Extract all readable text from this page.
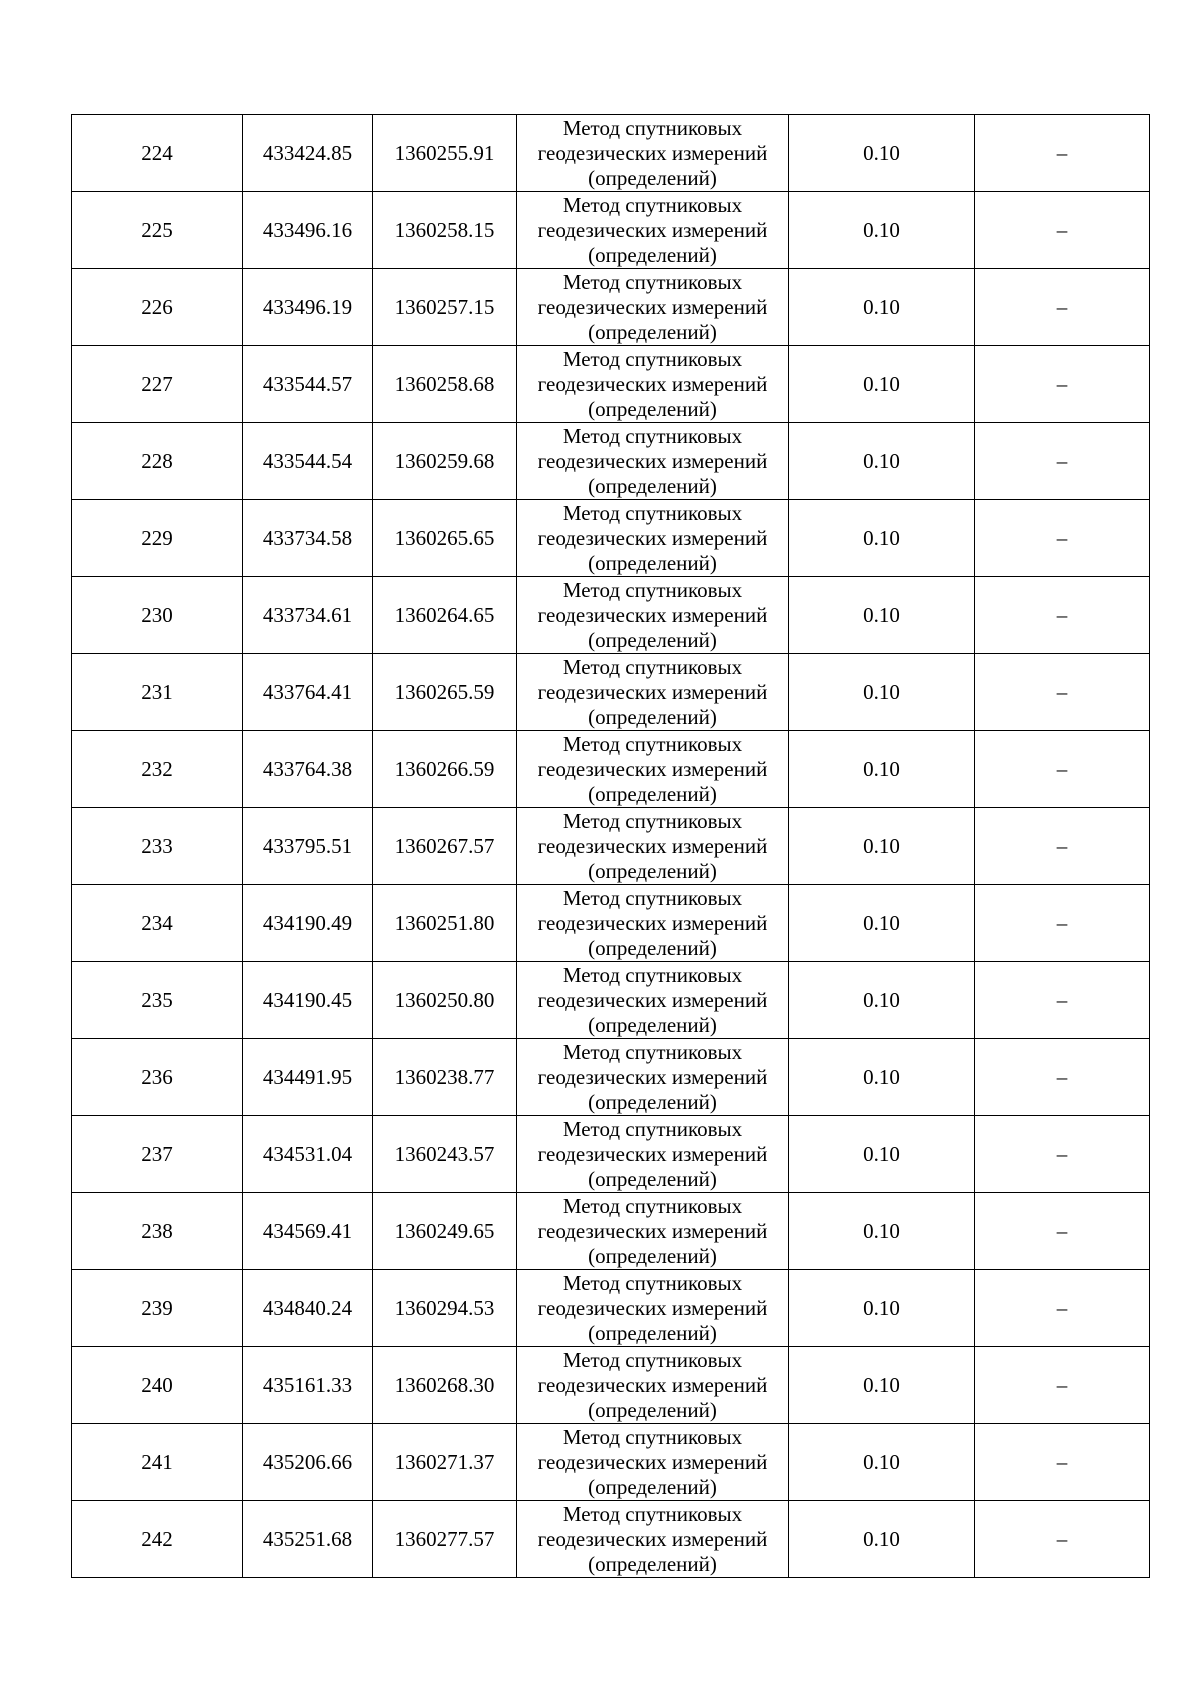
224	433424.85	1360255.91	Метод спутниковых
геодезических измерений
(определений)	0.10	–
225	433496.16	1360258.15	Метод спутниковых
геодезических измерений
(определений)	0.10	–
226	433496.19	1360257.15	Метод спутниковых
геодезических измерений
(определений)	0.10	–
227	433544.57	1360258.68	Метод спутниковых
геодезических измерений
(определений)	0.10	–
228	433544.54	1360259.68	Метод спутниковых
геодезических измерений
(определений)	0.10	–
229	433734.58	1360265.65	Метод спутниковых
геодезических измерений
(определений)	0.10	–
230	433734.61	1360264.65	Метод спутниковых
геодезических измерений
(определений)	0.10	–
231	433764.41	1360265.59	Метод спутниковых
геодезических измерений
(определений)	0.10	–
232	433764.38	1360266.59	Метод спутниковых
геодезических измерений
(определений)	0.10	–
233	433795.51	1360267.57	Метод спутниковых
геодезических измерений
(определений)	0.10	–
234	434190.49	1360251.80	Метод спутниковых
геодезических измерений
(определений)	0.10	–
235	434190.45	1360250.80	Метод спутниковых
геодезических измерений
(определений)	0.10	–
236	434491.95	1360238.77	Метод спутниковых
геодезических измерений
(определений)	0.10	–
237	434531.04	1360243.57	Метод спутниковых
геодезических измерений
(определений)	0.10	–
238	434569.41	1360249.65	Метод спутниковых
геодезических измерений
(определений)	0.10	–
239	434840.24	1360294.53	Метод спутниковых
геодезических измерений
(определений)	0.10	–
240	435161.33	1360268.30	Метод спутниковых
геодезических измерений
(определений)	0.10	–
241	435206.66	1360271.37	Метод спутниковых
геодезических измерений
(определений)	0.10	–
242	435251.68	1360277.57	Метод спутниковых
геодезических измерений
(определений)	0.10	–
